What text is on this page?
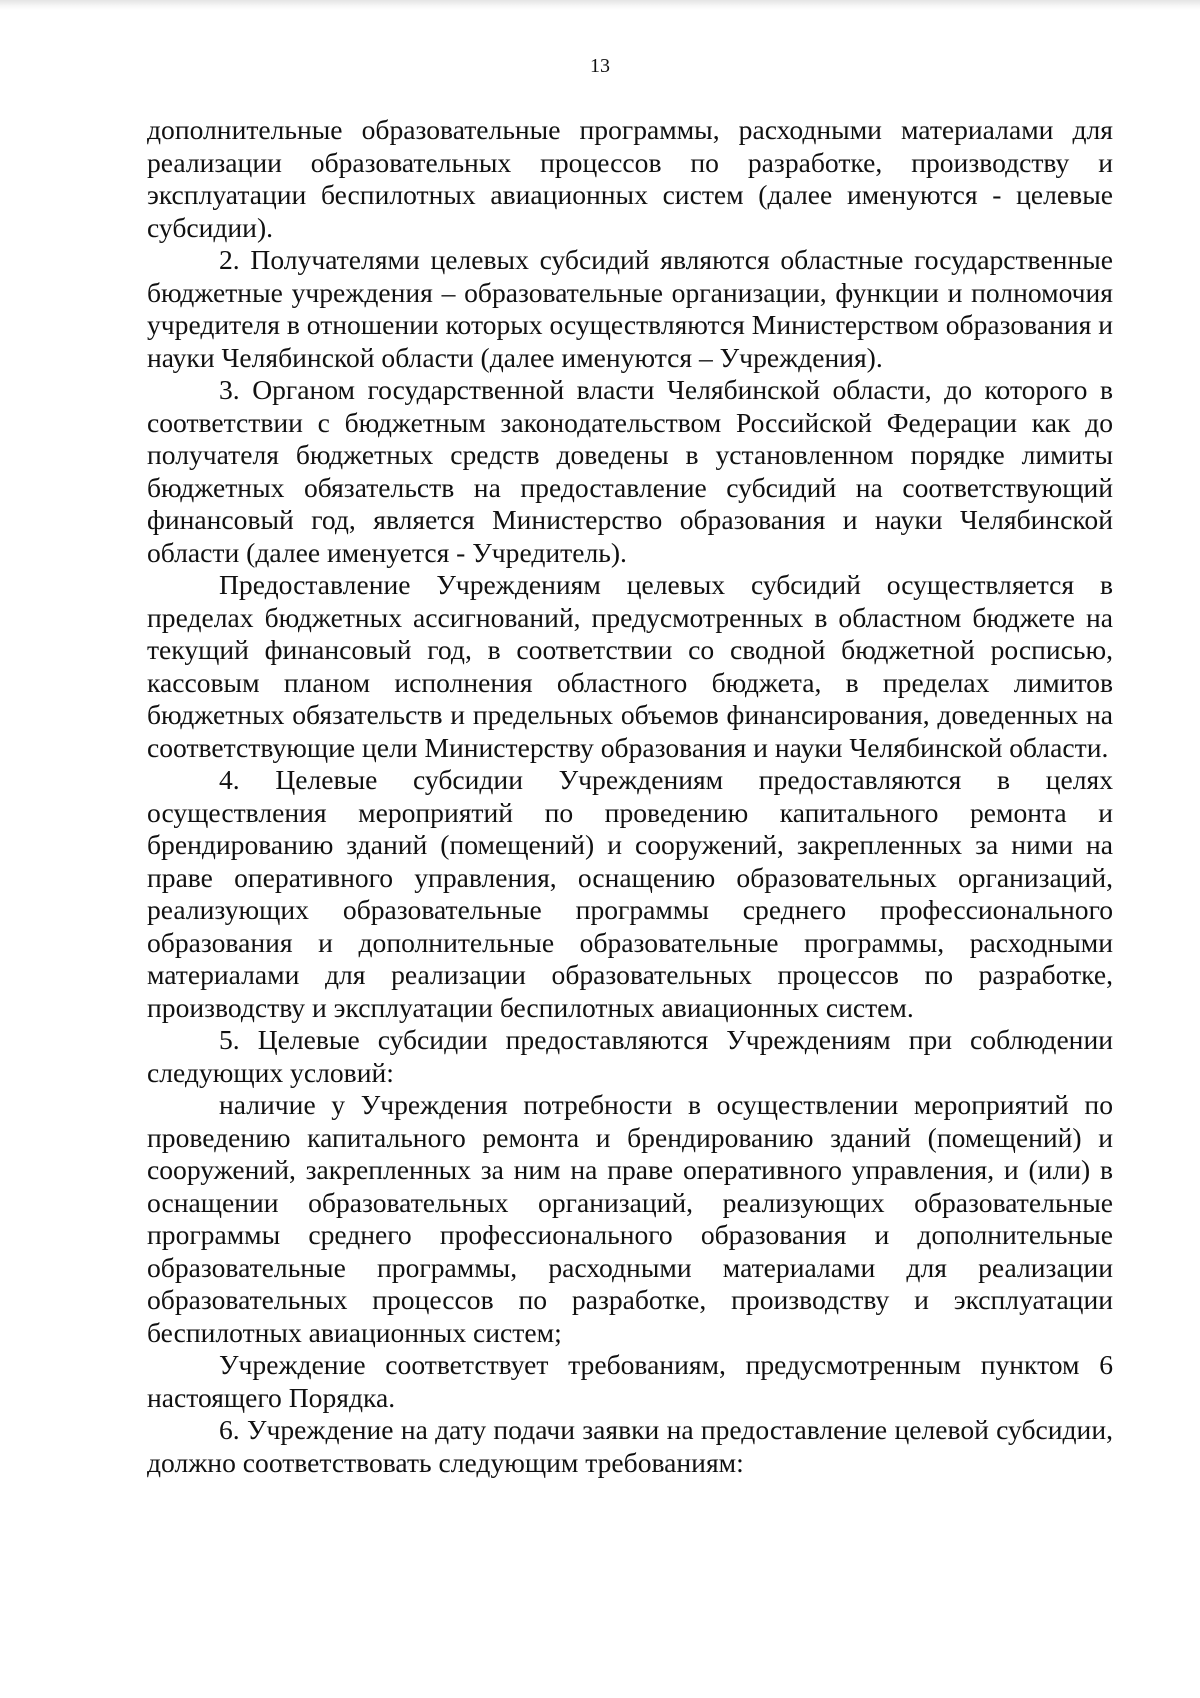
13

дополнительные образовательные программы, расходными материалами для реализации образовательных процессов по разработке, производству и эксплуатации беспилотных авиационных систем (далее именуются - целевые субсидии).

2. Получателями целевых субсидий являются областные государственные бюджетные учреждения – образовательные организации, функции и полномочия учредителя в отношении которых осуществляются Министерством образования и науки Челябинской области (далее именуются – Учреждения).

3. Органом государственной власти Челябинской области, до которого в соответствии с бюджетным законодательством Российской Федерации как до получателя бюджетных средств доведены в установленном порядке лимиты бюджетных обязательств на предоставление субсидий на соответствующий финансовый год, является Министерство образования и науки Челябинской области (далее именуется - Учредитель).

Предоставление Учреждениям целевых субсидий осуществляется в пределах бюджетных ассигнований, предусмотренных в областном бюджете на текущий финансовый год, в соответствии со сводной бюджетной росписью, кассовым планом исполнения областного бюджета, в пределах лимитов бюджетных обязательств и предельных объемов финансирования, доведенных на соответствующие цели Министерству образования и науки Челябинской области.

4. Целевые субсидии Учреждениям предоставляются в целях осуществления мероприятий по проведению капитального ремонта и брендированию зданий (помещений) и сооружений, закрепленных за ними на праве оперативного управления, оснащению образовательных организаций, реализующих образовательные программы среднего профессионального образования и дополнительные образовательные программы, расходными материалами для реализации образовательных процессов по разработке, производству и эксплуатации беспилотных авиационных систем.

5. Целевые субсидии предоставляются Учреждениям при соблюдении следующих условий:

наличие у Учреждения потребности в осуществлении мероприятий по проведению капитального ремонта и брендированию зданий (помещений) и сооружений, закрепленных за ним на праве оперативного управления, и (или) в оснащении образовательных организаций, реализующих образовательные программы среднего профессионального образования и дополнительные образовательные программы, расходными материалами для реализации образовательных процессов по разработке, производству и эксплуатации беспилотных авиационных систем;

Учреждение соответствует требованиям, предусмотренным пунктом 6 настоящего Порядка.

6. Учреждение на дату подачи заявки на предоставление целевой субсидии, должно соответствовать следующим требованиям:
